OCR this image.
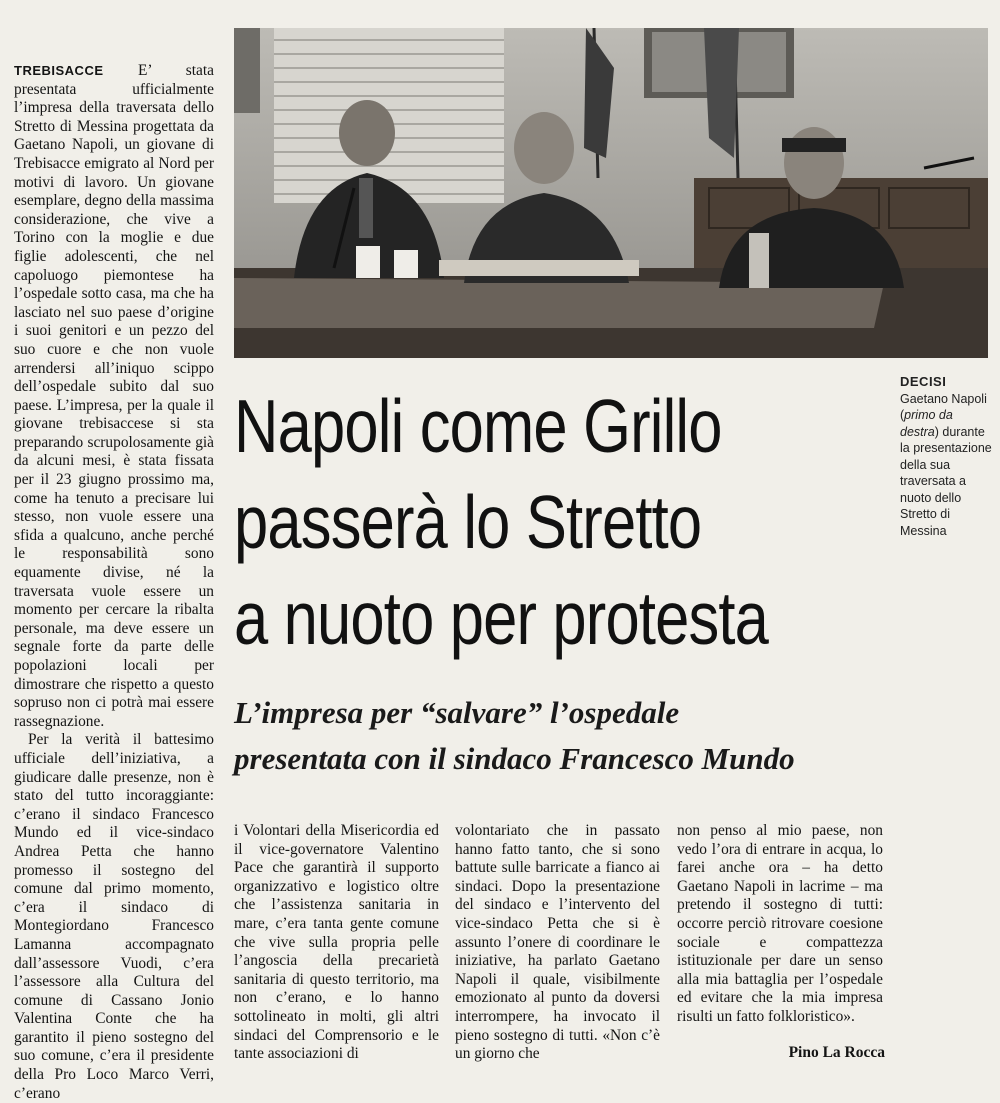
TREBISACCE E’ stata presentata ufficialmente l’impresa della traversata dello Stretto di Messina progettata da Gaetano Napoli, un giovane di Trebisacce emigrato al Nord per motivi di lavoro. Un giovane esemplare, degno della massima considerazione, che vive a Torino con la moglie e due figlie adolescenti, che nel capoluogo piemontese ha l’ospedale sotto casa, ma che ha lasciato nel suo paese d’origine i suoi genitori e un pezzo del suo cuore e che non vuole arrendersi all’iniquo scippo dell’ospedale subito dal suo paese. L’impresa, per la quale il giovane trebisaccese si sta preparando scrupolosamente già da alcuni mesi, è stata fissata per il 23 giugno prossimo ma, come ha tenuto a precisare lui stesso, non vuole essere una sfida a qualcuno, anche perché le responsabilità sono equamente divise, né la traversata vuole essere un momento per cercare la ribalta personale, ma deve essere un segnale forte da parte delle popolazioni locali per dimostrare che rispetto a questo sopruso non ci potrà mai essere rassegnazione.

Per la verità il battesimo ufficiale dell’iniziativa, a giudicare dalle presenze, non è stato del tutto incoraggiante: c’erano il sindaco Francesco Mundo ed il vice-sindaco Andrea Petta che hanno promesso il sostegno del comune dal primo momento, c’era il sindaco di Montegiordano Francesco Lamanna accompagnato dall’assessore Vuodi, c’era l’assessore alla Cultura del comune di Cassano Jonio Valentina Conte che ha garantito il pieno sostegno del suo comune, c’era il presidente della Pro Loco Marco Verri, c’erano

DECISI
Gaetano Napoli (primo da destra) durante la presentazione della sua traversata a nuoto dello Stretto di Messina
Napoli come Grillo
passerà lo Stretto
a nuoto per protesta
L’impresa per “salvare” l’ospedale
presentata con il sindaco Francesco Mundo

i Volontari della Misericordia ed il vice-governatore Valentino Pace che garantirà il supporto organizzativo e logistico oltre che l’assistenza sanitaria in mare, c’era tanta gente comune che vive sulla propria pelle l’angoscia della precarietà sanitaria di questo territorio, ma non c’erano, e lo hanno sottolineato in molti, gli altri sindaci del Comprensorio e le tante associazioni di

volontariato che in passato hanno fatto tanto, che si sono battute sulle barricate a fianco ai sindaci. Dopo la presentazione del sindaco e l’intervento del vice-sindaco Petta che si è assunto l’onere di coordinare le iniziative, ha parlato Gaetano Napoli il quale, visibilmente emozionato al punto da doversi interrompere, ha invocato il pieno sostegno di tutti. «Non c’è un giorno che

non penso al mio paese, non vedo l’ora di entrare in acqua, lo farei anche ora – ha detto Gaetano Napoli in lacrime – ma pretendo il sostegno di tutti: occorre perciò ritrovare coesione sociale e compattezza istituzionale per dare un senso alla mia battaglia per l’ospedale ed evitare che la mia impresa risulti un fatto folkloristico».

Pino La Rocca
